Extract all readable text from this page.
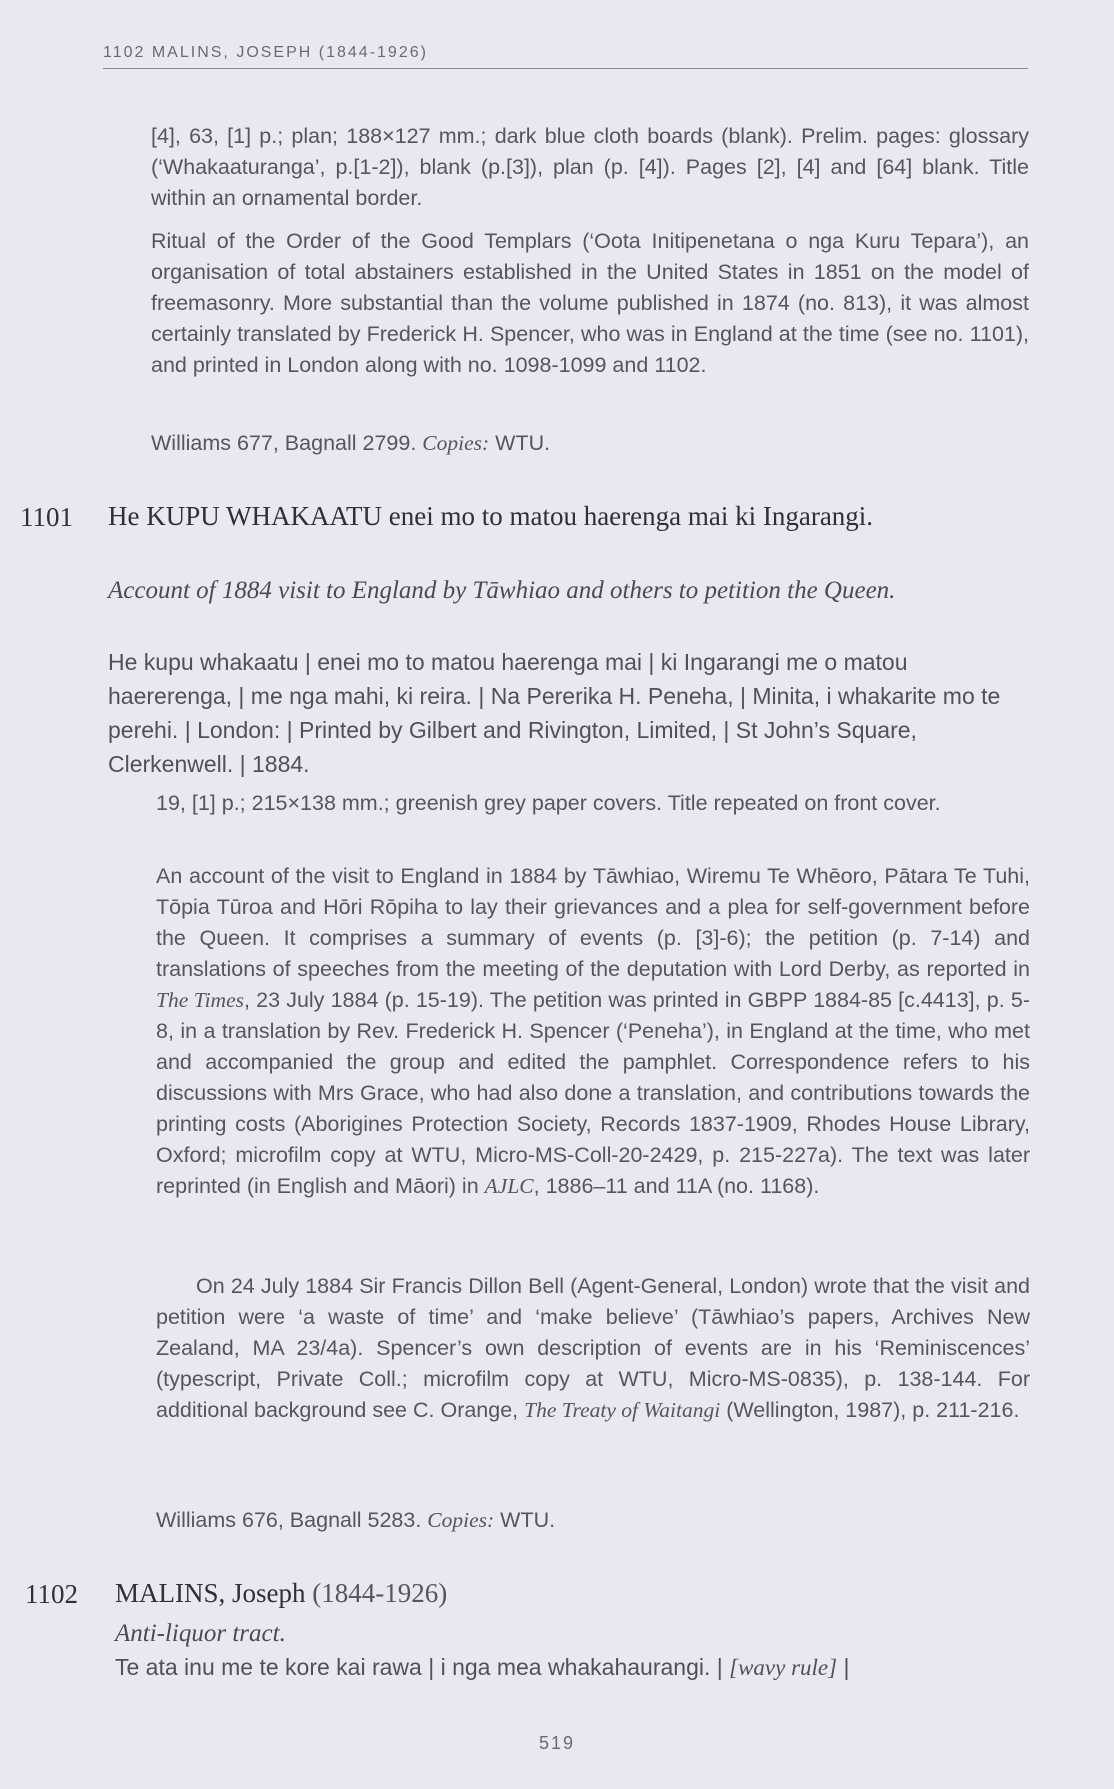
1102 MALINS, JOSEPH (1844-1926)

[4], 63, [1] p.; plan; 188×127 mm.; dark blue cloth boards (blank). Prelim. pages: glossary (‘Whakaaturanga’, p.[1-2]), blank (p.[3]), plan (p. [4]). Pages [2], [4] and [64] blank. Title within an ornamental border.

Ritual of the Order of the Good Templars (‘Oota Initipenetana o nga Kuru Tepara’), an organisation of total abstainers established in the United States in 1851 on the model of freemasonry. More substantial than the volume published in 1874 (no. 813), it was almost certainly translated by Frederick H. Spencer, who was in England at the time (see no. 1101), and printed in London along with no. 1098-1099 and 1102.

Williams 677, Bagnall 2799. Copies: WTU.

1101 He KUPU WHAKAATU enei mo to matou haerenga mai ki Ingarangi.
Account of 1884 visit to England by Tāwhiao and others to petition the Queen.

He kupu whakaatu | enei mo to matou haerenga mai | ki Ingarangi me o matou haererenga, | me nga mahi, ki reira. | Na Pererika H. Peneha, | Minita, i whakarite mo te perehi. | London: | Printed by Gilbert and Rivington, Limited, | St John’s Square, Clerkenwell. | 1884.

19, [1] p.; 215×138 mm.; greenish grey paper covers. Title repeated on front cover.

An account of the visit to England in 1884 by Tāwhiao, Wiremu Te Whēoro, Pātara Te Tuhi, Tōpia Tūroa and Hōri Rōpiha to lay their grievances and a plea for self-government before the Queen. It comprises a summary of events (p. [3]-6); the petition (p. 7-14) and translations of speeches from the meeting of the deputation with Lord Derby, as reported in The Times, 23 July 1884 (p. 15-19). The petition was printed in GBPP 1884-85 [c.4413], p. 5-8, in a translation by Rev. Frederick H. Spencer (‘Peneha’), in England at the time, who met and accompanied the group and edited the pamphlet. Correspondence refers to his discussions with Mrs Grace, who had also done a translation, and contributions towards the printing costs (Aborigines Protection Society, Records 1837-1909, Rhodes House Library, Oxford; microfilm copy at WTU, Micro-MS-Coll-20-2429, p. 215-227a). The text was later reprinted (in English and Māori) in AJLC, 1886–11 and 11A (no. 1168).

On 24 July 1884 Sir Francis Dillon Bell (Agent-General, London) wrote that the visit and petition were ‘a waste of time’ and ‘make believe’ (Tāwhiao’s papers, Archives New Zealand, MA 23/4a). Spencer’s own description of events are in his ‘Reminiscences’ (typescript, Private Coll.; microfilm copy at WTU, Micro-MS-0835), p. 138-144. For additional background see C. Orange, The Treaty of Waitangi (Wellington, 1987), p. 211-216.

Williams 676, Bagnall 5283. Copies: WTU.

1102 MALINS, Joseph (1844-1926)
Anti-liquor tract.

Te ata inu me te kore kai rawa | i nga mea whakahaurangi. | [wavy rule] |

519
